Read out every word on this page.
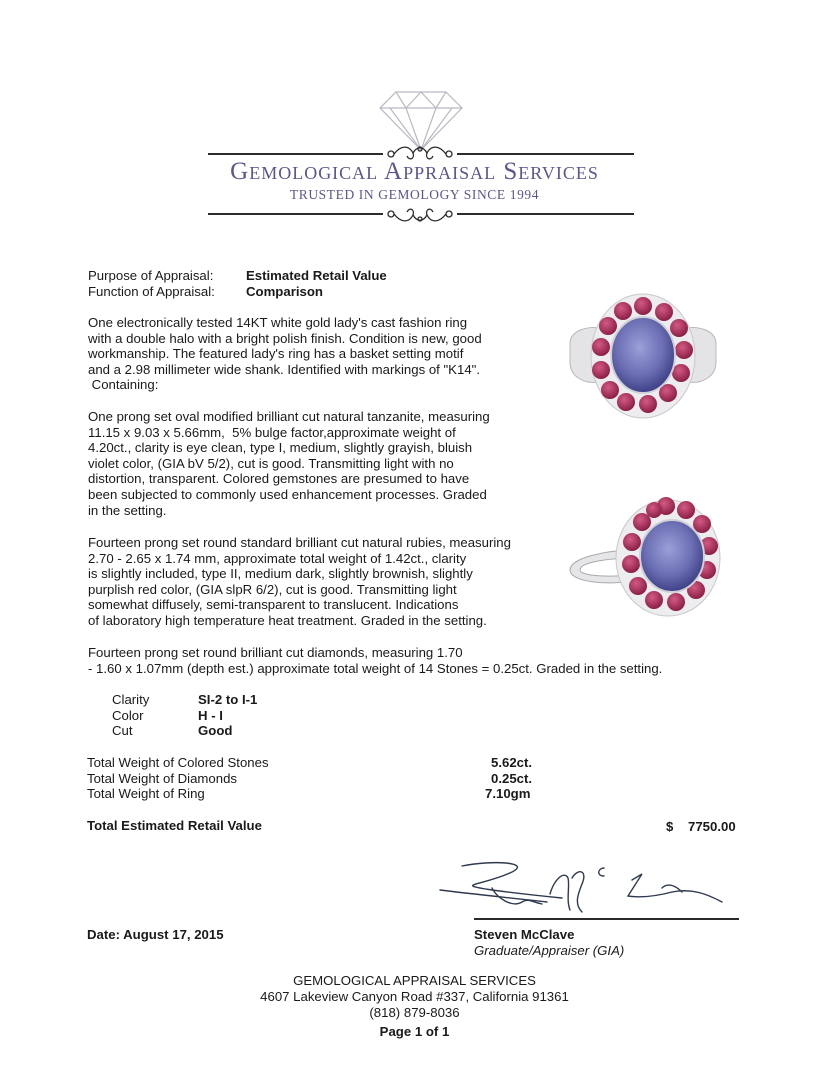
Gemological Appraisal Services
TRUSTED IN GEMOLOGY SINCE 1994
Purpose of Appraisal: Estimated Retail Value
Function of Appraisal: Comparison
One electronically tested 14KT white gold lady's cast fashion ring
with a double halo with a bright polish finish. Condition is new, good
workmanship. The featured lady's ring has a basket setting motif
and a 2.98 millimeter wide shank. Identified with markings of "K14".
Containing:
One prong set oval modified brilliant cut natural tanzanite, measuring
11.15 x 9.03 x 5.66mm,  5% bulge factor,approximate weight of
4.20ct., clarity is eye clean, type I, medium, slightly grayish, bluish
violet color, (GIA bV 5/2), cut is good. Transmitting light with no
distortion, transparent. Colored gemstones are presumed to have
been subjected to commonly used enhancement processes. Graded
in the setting.
Fourteen prong set round standard brilliant cut natural rubies, measuring
2.70 - 2.65 x 1.74 mm, approximate total weight of 1.42ct., clarity
is slightly included, type II, medium dark, slightly brownish, slightly
purplish red color, (GIA slpR 6/2), cut is good. Transmitting light
somewhat diffusely, semi-transparent to translucent. Indications
of laboratory high temperature heat treatment. Graded in the setting.
Fourteen prong set round brilliant cut diamonds, measuring 1.70
- 1.60 x 1.07mm (depth est.) approximate total weight of 14 Stones = 0.25ct. Graded in the setting.
Clarity	SI-2 to I-1
Color	H - I
Cut	Good
Total Weight of Colored Stones	5.62ct.
Total Weight of Diamonds	0.25ct.
Total Weight of Ring	7.10gm
Total Estimated Retail Value	$ 7750.00
Date: August 17, 2015	Steven McClave
Graduate/Appraiser (GIA)
GEMOLOGICAL APPRAISAL SERVICES
4607 Lakeview Canyon Road #337, California 91361
(818) 879-8036
Page 1 of 1
